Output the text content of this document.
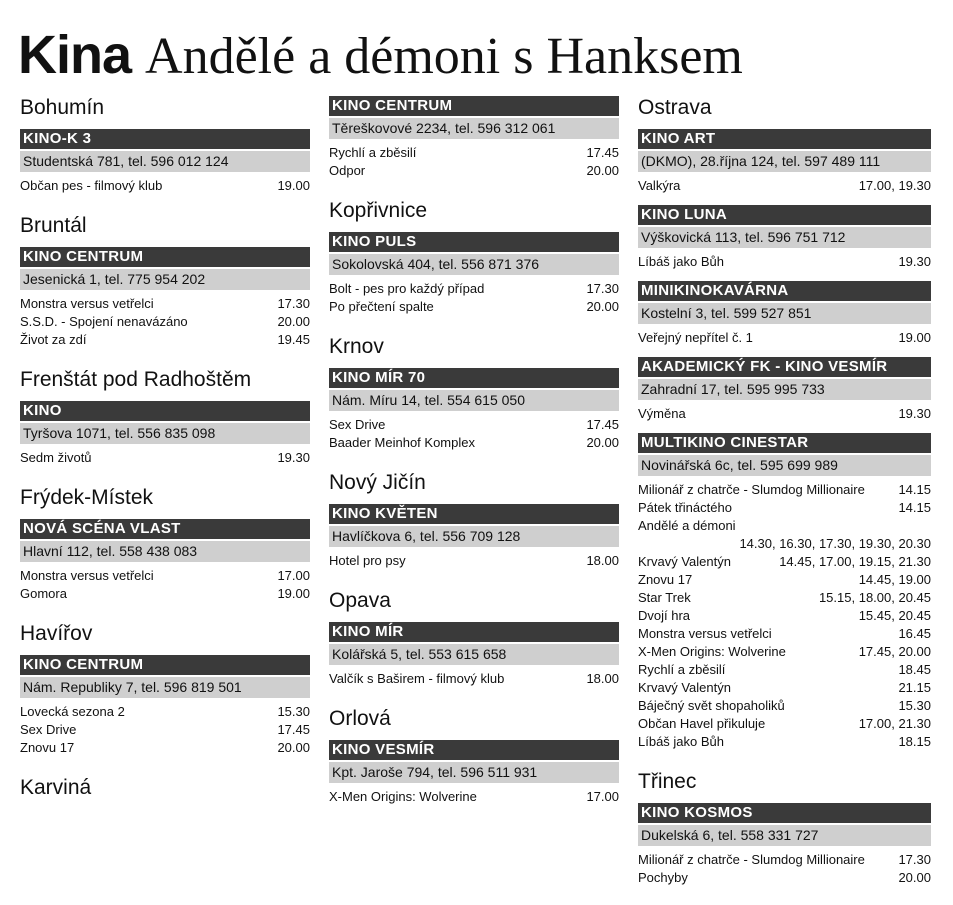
Kina Andělé a démoni s Hanksem
Bohumín
KINO-K 3
Studentská 781, tel. 596 012 124
Občan pes - filmový klub	19.00
Bruntál
KINO CENTRUM
Jesenická 1, tel. 775 954 202
Monstra versus vetřelci	17.30
S.S.D. - Spojení nenavázáno	20.00
Život za zdí	19.45
Frenštát pod Radhoštěm
KINO
Tyršova 1071, tel. 556 835 098
Sedm životů	19.30
Frýdek-Místek
NOVÁ SCÉNA VLAST
Hlavní 112, tel. 558 438 083
Monstra versus vetřelci	17.00
Gomora	19.00
Havířov
KINO CENTRUM
Nám. Republiky 7, tel. 596 819 501
Lovecká sezona 2	15.30
Sex Drive	17.45
Znovu 17	20.00
Karviná
KINO CENTRUM
Těreškovové 2234, tel. 596 312 061
Rychlí a zběsilí	17.45
Odpor	20.00
Kopřivnice
KINO PULS
Sokolovská 404, tel. 556 871 376
Bolt - pes pro každý případ	17.30
Po přečtení spalte	20.00
Krnov
KINO MÍR 70
Nám. Míru 14, tel. 554 615 050
Sex Drive	17.45
Baader Meinhof Komplex	20.00
Nový Jičín
KINO KVĚTEN
Havlíčkova 6, tel. 556 709 128
Hotel pro psy	18.00
Opava
KINO MÍR
Kolářská 5, tel. 553 615 658
Valčík s Baširem - filmový klub	18.00
Orlová
KINO VESMÍR
Kpt. Jaroše 794, tel. 596 511 931
X-Men Origins: Wolverine	17.00
Ostrava
KINO ART
(DKMO), 28.října 124, tel. 597 489 111
Valkýra	17.00, 19.30
KINO LUNA
Výškovická 113, tel. 596 751 712
Líbáš jako Bůh	19.30
MINIKINOKAVÁRNA
Kostelní 3, tel. 599 527 851
Veřejný nepřítel č. 1	19.00
AKADEMICKÝ FK - KINO VESMÍR
Zahradní 17, tel. 595 995 733
Výměna	19.30
MULTIKINO CINESTAR
Novinářská 6c, tel. 595 699 989
Milionář z chatrče - Slumdog Millionaire	14.15
Pátek třináctého	14.15
Andělé a démoni
14.30, 16.30, 17.30, 19.30, 20.30
Krvavý Valentýn	14.45, 17.00, 19.15, 21.30
Znovu 17	14.45, 19.00
Star Trek	15.15, 18.00, 20.45
Dvojí hra	15.45, 20.45
Monstra versus vetřelci	16.45
X-Men Origins: Wolverine	17.45, 20.00
Rychlí a zběsilí	18.45
Krvavý Valentýn	21.15
Báječný svět shopaholiků	15.30
Občan Havel přikuluje	17.00, 21.30
Líbáš jako Bůh	18.15
Třinec
KINO KOSMOS
Dukelská 6, tel. 558 331 727
Milionář z chatrče - Slumdog Millionaire	17.30
Pochyby	20.00
